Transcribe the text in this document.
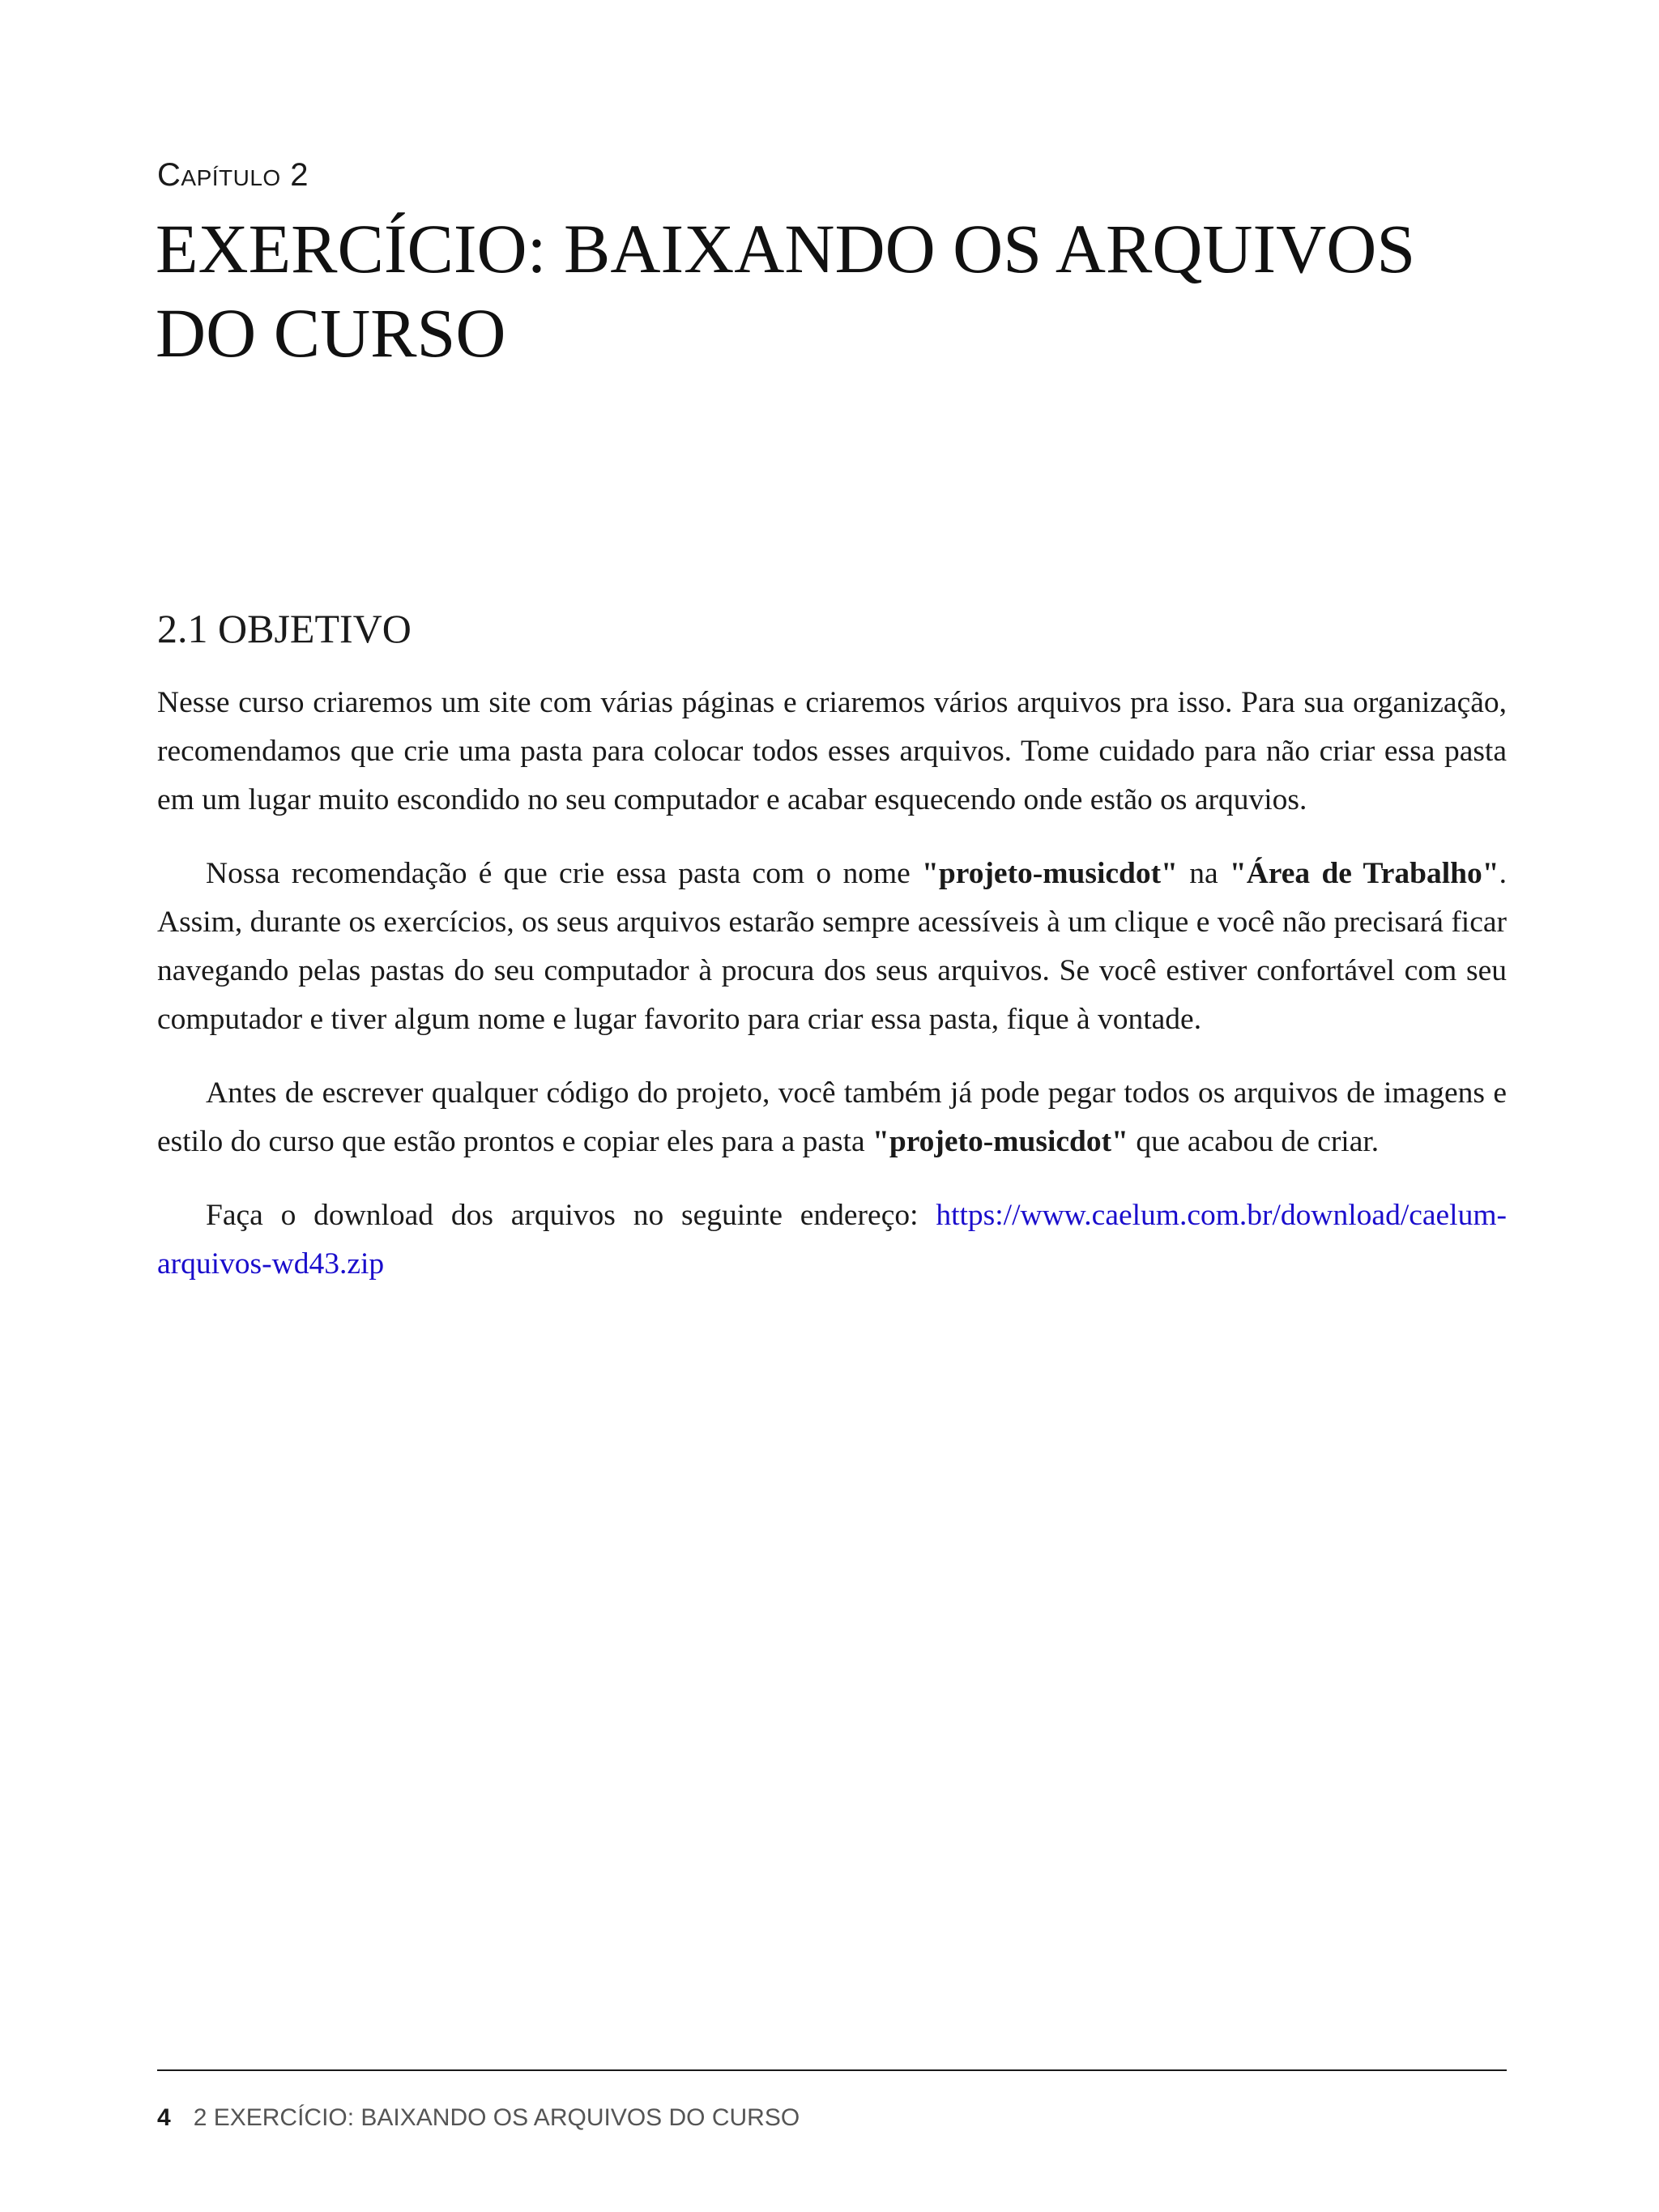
Capítulo 2
EXERCÍCIO: BAIXANDO OS ARQUIVOS
DO CURSO
2.1 OBJETIVO

Nesse curso criaremos um site com várias páginas e criaremos vários arquivos pra isso. Para sua organização, recomendamos que crie uma pasta para colocar todos esses arquivos. Tome cuidado para não criar essa pasta em um lugar muito escondido no seu computador e acabar esquecendo onde estão os arquvios.

Nossa recomendação é que crie essa pasta com o nome "projeto-musicdot" na "Área de Trabalho". Assim, durante os exercícios, os seus arquivos estarão sempre acessíveis à um clique e você não precisará ficar navegando pelas pastas do seu computador à procura dos seus arquivos. Se você estiver confortável com seu computador e tiver algum nome e lugar favorito para criar essa pasta, fique à vontade.

Antes de escrever qualquer código do projeto, você também já pode pegar todos os arquivos de imagens e estilo do curso que estão prontos e copiar eles para a pasta "projeto-musicdot" que acabou de criar.

Faça o download dos arquivos no seguinte endereço: https://www.caelum.com.br/download/caelum-arquivos-wd43.zip

4 2 EXERCÍCIO: BAIXANDO OS ARQUIVOS DO CURSO
